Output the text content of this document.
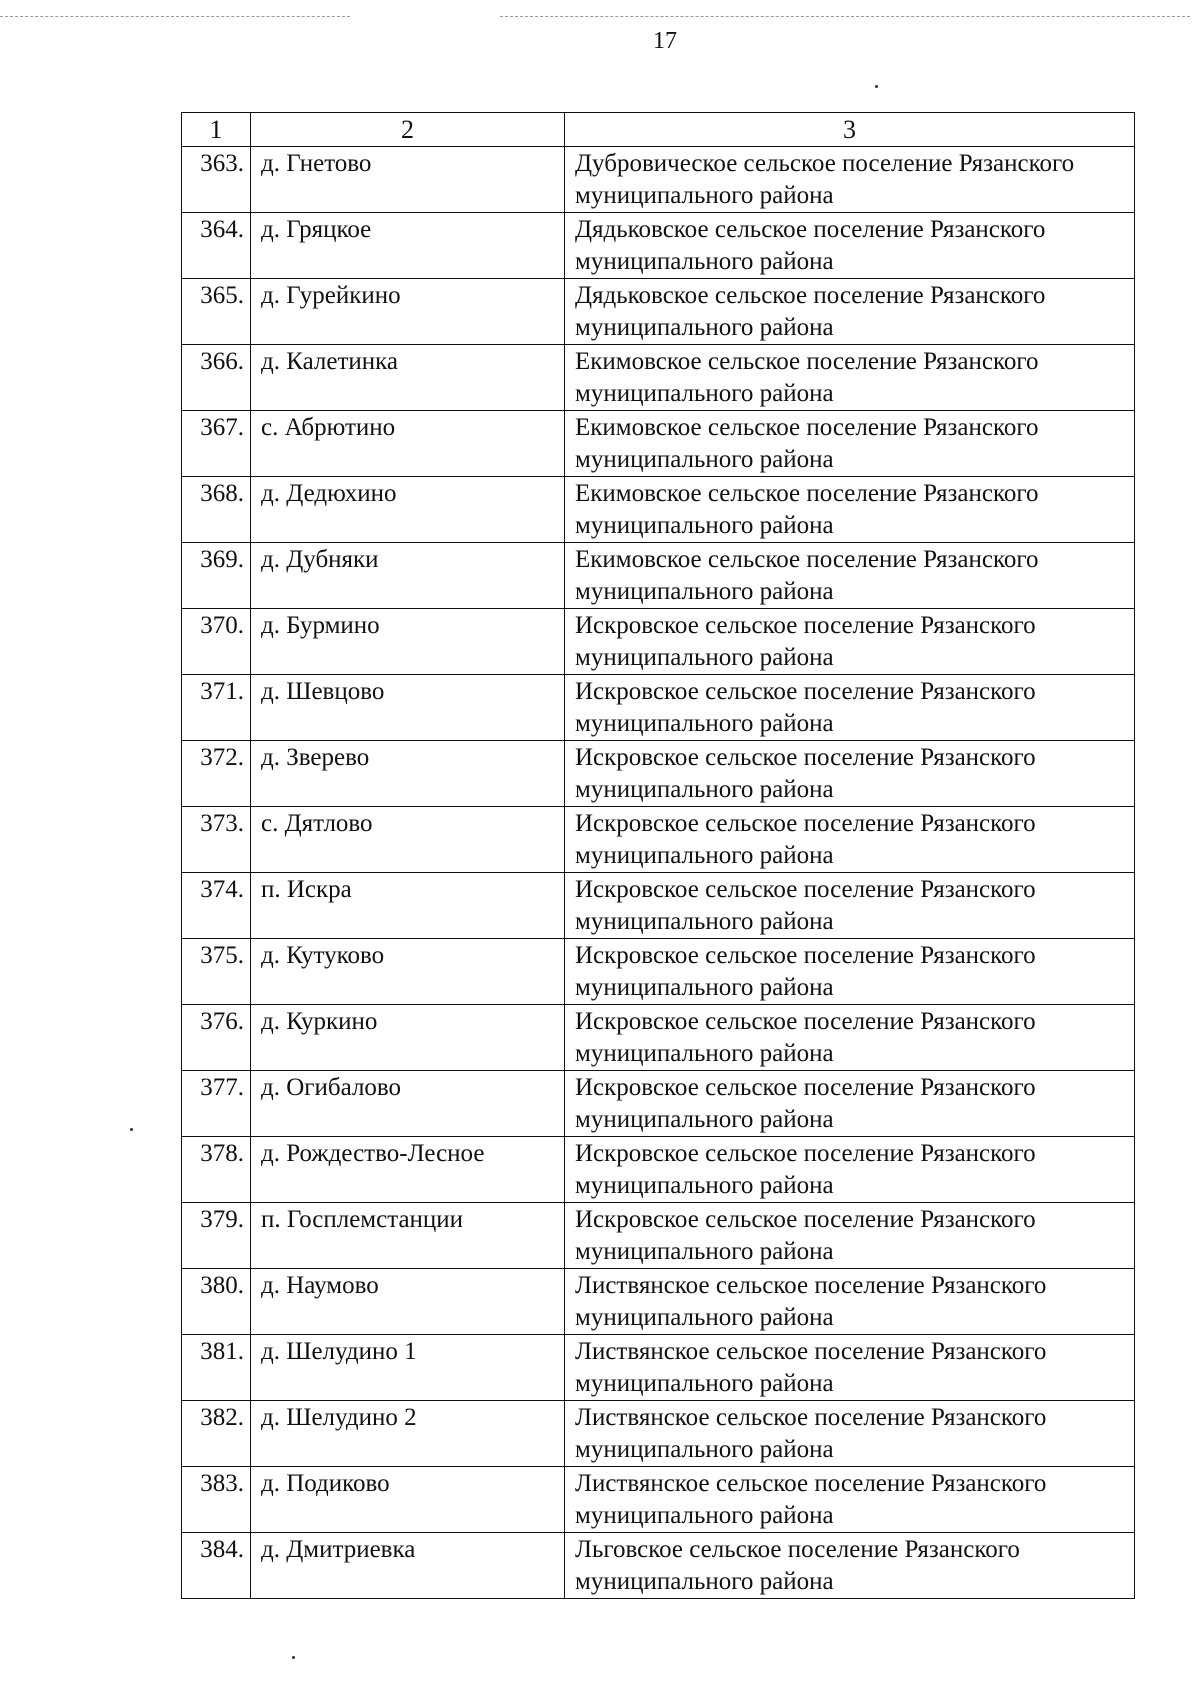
17
1	2	3
363.	д. Гнетово	Дубровическое сельское поселение Рязанского муниципального района
364.	д. Гряцкое	Дядьковское сельское поселение Рязанского муниципального района
365.	д. Гурейкино	Дядьковское сельское поселение Рязанского муниципального района
366.	д. Калетинка	Екимовское сельское поселение Рязанского муниципального района
367.	с. Абрютино	Екимовское сельское поселение Рязанского муниципального района
368.	д. Дедюхино	Екимовское сельское поселение Рязанского муниципального района
369.	д. Дубняки	Екимовское сельское поселение Рязанского муниципального района
370.	д. Бурмино	Искровское сельское поселение Рязанского муниципального района
371.	д. Шевцово	Искровское сельское поселение Рязанского муниципального района
372.	д. Зверево	Искровское сельское поселение Рязанского муниципального района
373.	с. Дятлово	Искровское сельское поселение Рязанского муниципального района
374.	п. Искра	Искровское сельское поселение Рязанского муниципального района
375.	д. Кутуково	Искровское сельское поселение Рязанского муниципального района
376.	д. Куркино	Искровское сельское поселение Рязанского муниципального района
377.	д. Огибалово	Искровское сельское поселение Рязанского муниципального района
378.	д. Рождество-Лесное	Искровское сельское поселение Рязанского муниципального района
379.	п. Госплемстанции	Искровское сельское поселение Рязанского муниципального района
380.	д. Наумово	Листвянское сельское поселение Рязанского муниципального района
381.	д. Шелудино 1	Листвянское сельское поселение Рязанского муниципального района
382.	д. Шелудино 2	Листвянское сельское поселение Рязанского муниципального района
383.	д. Подиково	Листвянское сельское поселение Рязанского муниципального района
384.	д. Дмитриевка	Льговское сельское поселение Рязанского муниципального района
